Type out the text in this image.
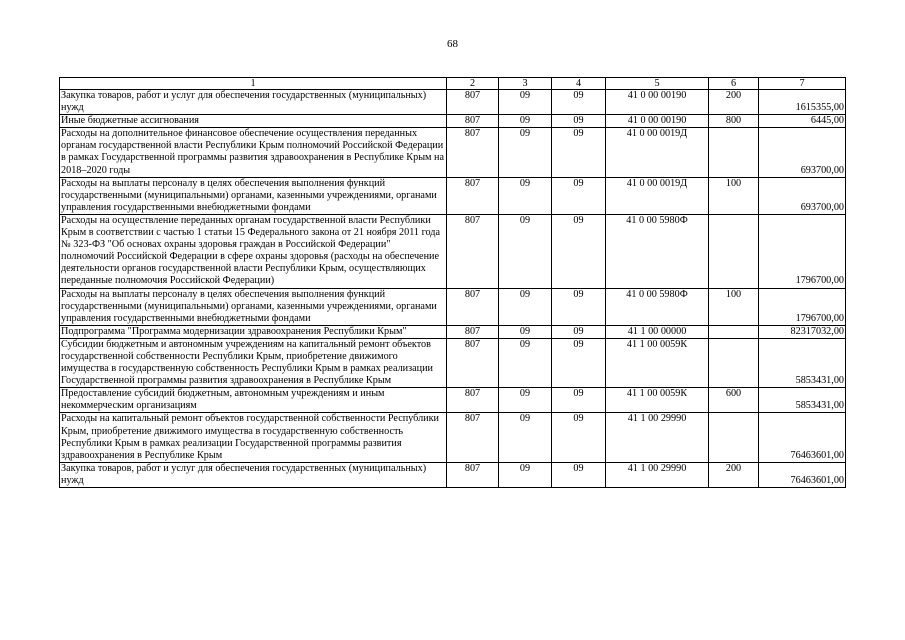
68
1	2	3	4	5	6	7
Закупка товаров, работ и услуг для обеспечения государственных (муниципальных) нужд	807	09	09	41 0 00 00190	200	1615355,00
Иные бюджетные ассигнования	807	09	09	41 0 00 00190	800	6445,00
Расходы на дополнительное финансовое обеспечение осуществления переданных органам государственной власти Республики Крым полномочий Российской Федерации в рамках Государственной программы развития здравоохранения в Республике Крым на 2018–2020 годы	807	09	09	41 0 00 0019Д		693700,00
Расходы на выплаты персоналу в целях обеспечения выполнения функций государственными (муниципальными) органами, казенными учреждениями, органами управления государственными внебюджетными фондами	807	09	09	41 0 00 0019Д	100	693700,00
Расходы на осуществление переданных органам государственной власти Республики Крым в соответствии с частью 1 статьи 15 Федерального закона от 21 ноября 2011 года № 323-ФЗ "Об основах охраны здоровья граждан в Российской Федерации" полномочий Российской Федерации в сфере охраны здоровья (расходы на обеспечение деятельности органов государственной власти Республики Крым, осуществляющих переданные полномочия Российской Федерации)	807	09	09	41 0 00 5980Ф		1796700,00
Расходы на выплаты персоналу в целях обеспечения выполнения функций государственными (муниципальными) органами, казенными учреждениями, органами управления государственными внебюджетными фондами	807	09	09	41 0 00 5980Ф	100	1796700,00
Подпрограмма "Программа модернизации здравоохранения Республики Крым"	807	09	09	41 1 00 00000		82317032,00
Субсидии бюджетным и автономным учреждениям на капитальный ремонт объектов государственной собственности Республики Крым, приобретение движимого имущества в государственную собственность Республики Крым в рамках реализации Государственной программы развития здравоохранения в Республике Крым	807	09	09	41 1 00 0059К		5853431,00
Предоставление субсидий бюджетным, автономным учреждениям и иным некоммерческим организациям	807	09	09	41 1 00 0059К	600	5853431,00
Расходы на капитальный ремонт объектов государственной собственности Республики Крым, приобретение движимого имущества в государственную собственность Республики Крым в рамках реализации Государственной программы развития здравоохранения в Республике Крым	807	09	09	41 1 00 29990		76463601,00
Закупка товаров, работ и услуг для обеспечения государственных (муниципальных) нужд	807	09	09	41 1 00 29990	200	76463601,00
